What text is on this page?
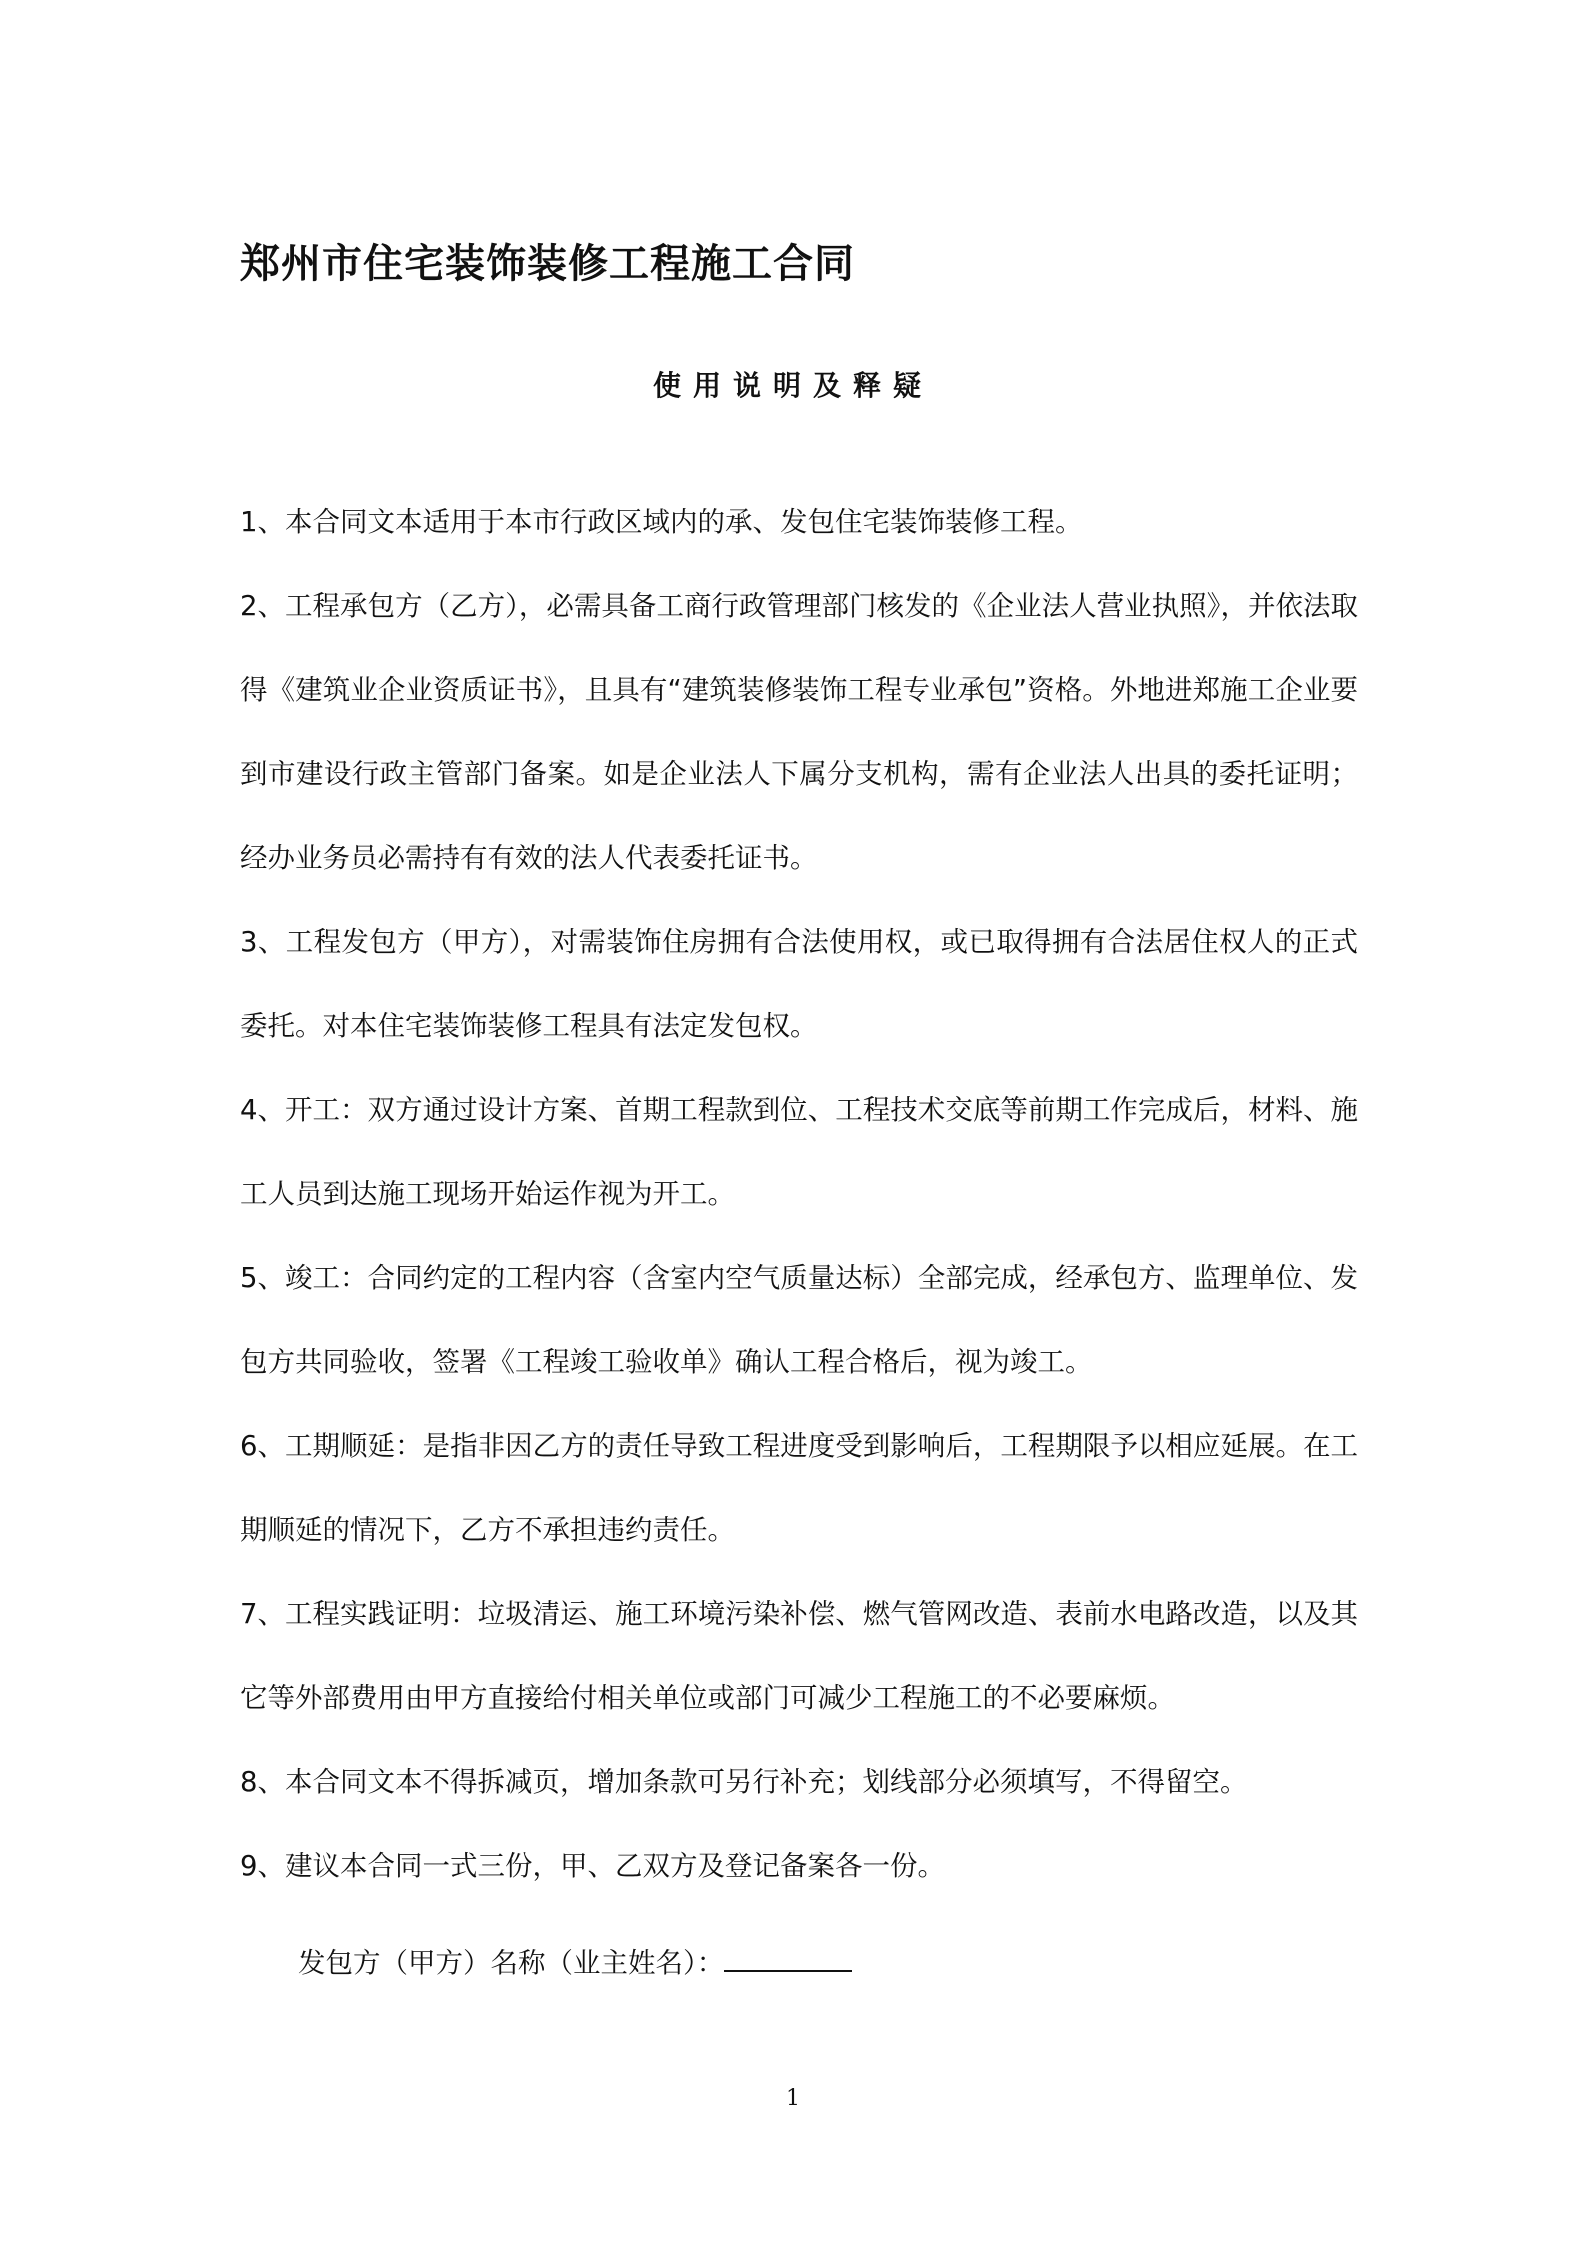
郑州市住宅装饰装修工程施工合同
使用说明及释疑

1、本合同文本适用于本市行政区域内的承、发包住宅装饰装修工程。

2、工程承包方（乙方），必需具备工商行政管理部门核发的《企业法人营业执照》，并依法取得《建筑业企业资质证书》，且具有“建筑装修装饰工程专业承包”资格。外地进郑施工企业要到市建设行政主管部门备案。如是企业法人下属分支机构，需有企业法人出具的委托证明；经办业务员必需持有有效的法人代表委托证书。

3、工程发包方（甲方），对需装饰住房拥有合法使用权，或已取得拥有合法居住权人的正式委托。对本住宅装饰装修工程具有法定发包权。

4、开工：双方通过设计方案、首期工程款到位、工程技术交底等前期工作完成后，材料、施工人员到达施工现场开始运作视为开工。

5、竣工：合同约定的工程内容（含室内空气质量达标）全部完成，经承包方、监理单位、发包方共同验收，签署《工程竣工验收单》确认工程合格后，视为竣工。

6、工期顺延：是指非因乙方的责任导致工程进度受到影响后，工程期限予以相应延展。在工期顺延的情况下，乙方不承担违约责任。

7、工程实践证明：垃圾清运、施工环境污染补偿、燃气管网改造、表前水电路改造，以及其它等外部费用由甲方直接给付相关单位或部门可减少工程施工的不必要麻烦。

8、本合同文本不得拆减页，增加条款可另行补充；划线部分必须填写，不得留空。

9、建议本合同一式三份，甲、乙双方及登记备案各一份。

发包方（甲方）名称（业主姓名）：
1
